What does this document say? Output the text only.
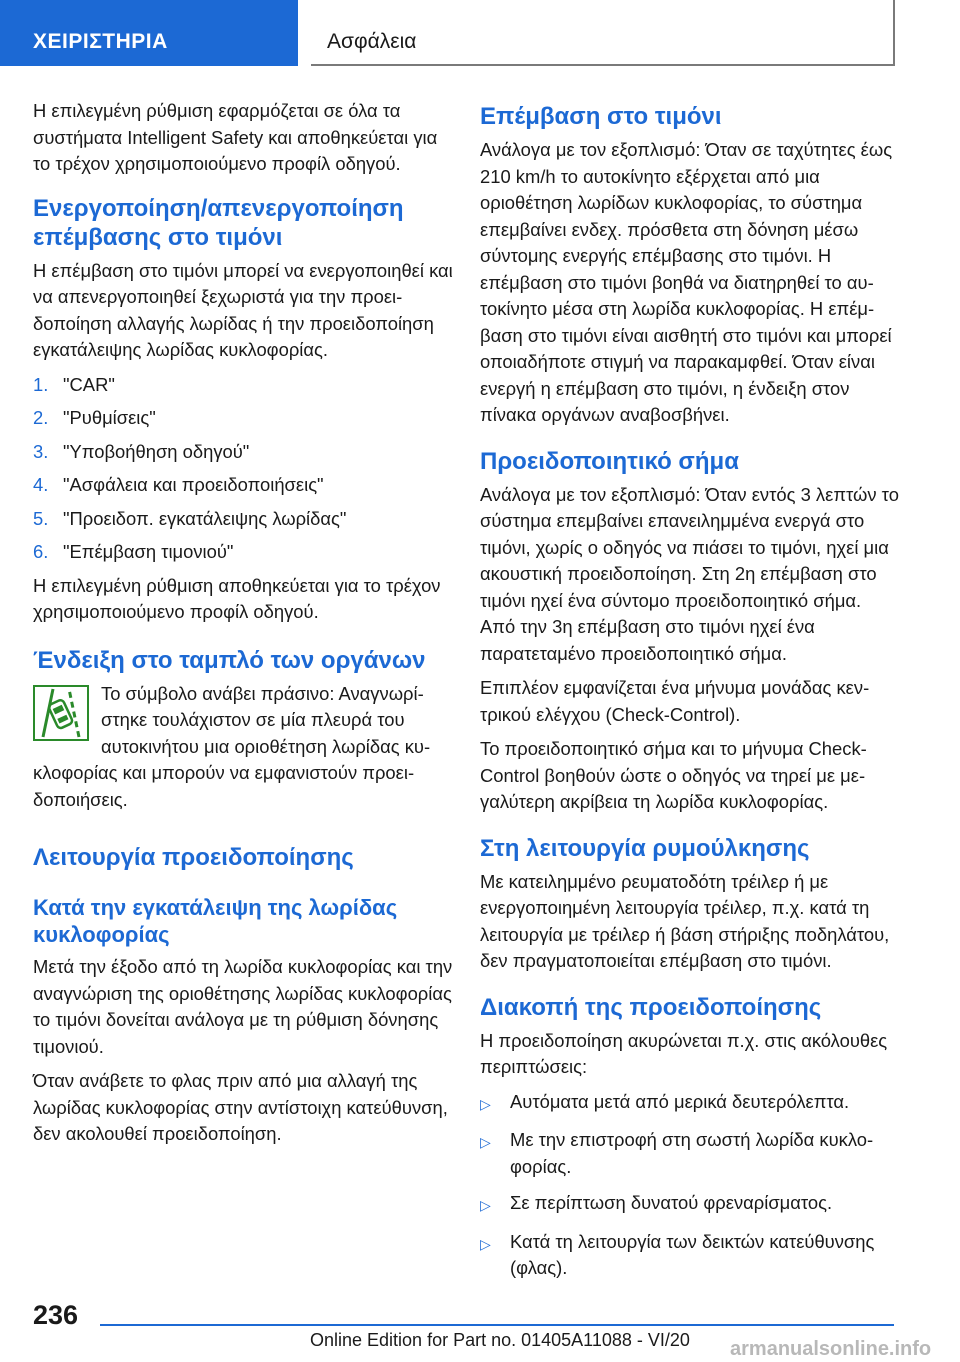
ΧΕΙΡΙΣΤΗΡΙΑ	Ασφάλεια

Η επιλεγμένη ρύθμιση εφαρμόζεται σε όλα τα συστήματα Intelligent Safety και αποθηκεύεται για το τρέχον χρησιμοποιούμενο προφίλ οδηγού.

Ενεργοποίηση/απενεργοποίηση επέμβασης στο τιμόνι

Η επέμβαση στο τιμόνι μπορεί να ενεργοποιηθεί και να απενεργοποιηθεί ξεχωριστά για την προειδοποίηση αλλαγής λωρίδας ή την προειδοποίηση εγκατάλειψης λωρίδας κυκλοφορίας.

1. "CAR"
2. "Ρυθμίσεις"
3. "Υποβοήθηση οδηγού"
4. "Ασφάλεια και προειδοποιήσεις"
5. "Προειδοπ. εγκατάλειψης λωρίδας"
6. "Επέμβαση τιμονιού"

Η επιλεγμένη ρύθμιση αποθηκεύεται για το τρέχον χρησιμοποιούμενο προφίλ οδηγού.

Ένδειξη στο ταμπλό των οργάνων

Το σύμβολο ανάβει πράσινο: Αναγνωρίστηκε τουλάχιστον σε μία πλευρά του αυτοκινήτου μια οριοθέτηση λωρίδας κυκλοφορίας και μπορούν να εμφανιστούν προειδοποιήσεις.

Λειτουργία προειδοποίησης
Κατά την εγκατάλειψη της λωρίδας κυκλοφορίας

Μετά την έξοδο από τη λωρίδα κυκλοφορίας και την αναγνώριση της οριοθέτησης λωρίδας κυκλοφορίας το τιμόνι δονείται ανάλογα με τη ρύθμιση δόνησης τιμονιού.

Όταν ανάβετε το φλας πριν από μια αλλαγή της λωρίδας κυκλοφορίας στην αντίστοιχη κατεύθυνση, δεν ακολουθεί προειδοποίηση.

Επέμβαση στο τιμόνι

Ανάλογα με τον εξοπλισμό: Όταν σε ταχύτητες έως 210 km/h το αυτοκίνητο εξέρχεται από μια οριοθέτηση λωρίδων κυκλοφορίας, το σύστημα επεμβαίνει ενδεχ. πρόσθετα στη δόνηση μέσω σύντομης ενεργής επέμβασης στο τιμόνι. Η επέμβαση στο τιμόνι βοηθά να διατηρηθεί το αυτοκίνητο μέσα στη λωρίδα κυκλοφορίας. Η επέμβαση στο τιμόνι είναι αισθητή στο τιμόνι και μπορεί οποιαδήποτε στιγμή να παρακαμφθεί. Όταν είναι ενεργή η επέμβαση στο τιμόνι, η ένδειξη στον πίνακα οργάνων αναβοσβήνει.

Προειδοποιητικό σήμα

Ανάλογα με τον εξοπλισμό: Όταν εντός 3 λεπτών το σύστημα επεμβαίνει επανειλημμένα ενεργά στο τιμόνι, χωρίς ο οδηγός να πιάσει το τιμόνι, ηχεί μια ακουστική προειδοποίηση. Στη 2η επέμβαση στο τιμόνι ηχεί ένα σύντομο προειδοποιητικό σήμα. Από την 3η επέμβαση στο τιμόνι ηχεί ένα παρατεταμένο προειδοποιητικό σήμα.

Επιπλέον εμφανίζεται ένα μήνυμα μονάδας κεντρικού ελέγχου (Check-Control).

Το προειδοποιητικό σήμα και το μήνυμα Check-Control βοηθούν ώστε ο οδηγός να τηρεί με μεγαλύτερη ακρίβεια τη λωρίδα κυκλοφορίας.

Στη λειτουργία ρυμούλκησης

Με κατειλημμένο ρευματοδότη τρέιλερ ή με ενεργοποιημένη λειτουργία τρέιλερ, π.χ. κατά τη λειτουργία με τρέιλερ ή βάση στήριξης ποδηλάτου, δεν πραγματοποιείται επέμβαση στο τιμόνι.

Διακοπή της προειδοποίησης

Η προειδοποίηση ακυρώνεται π.χ. στις ακόλουθες περιπτώσεις:

▷	Αυτόματα μετά από μερικά δευτερόλεπτα.
▷	Με την επιστροφή στη σωστή λωρίδα κυκλοφορίας.
▷	Σε περίπτωση δυνατού φρεναρίσματος.
▷	Κατά τη λειτουργία των δεικτών κατεύθυνσης (φλας).
236
Online Edition for Part no. 01405A11088 - VI/20 armanualsonline.info
